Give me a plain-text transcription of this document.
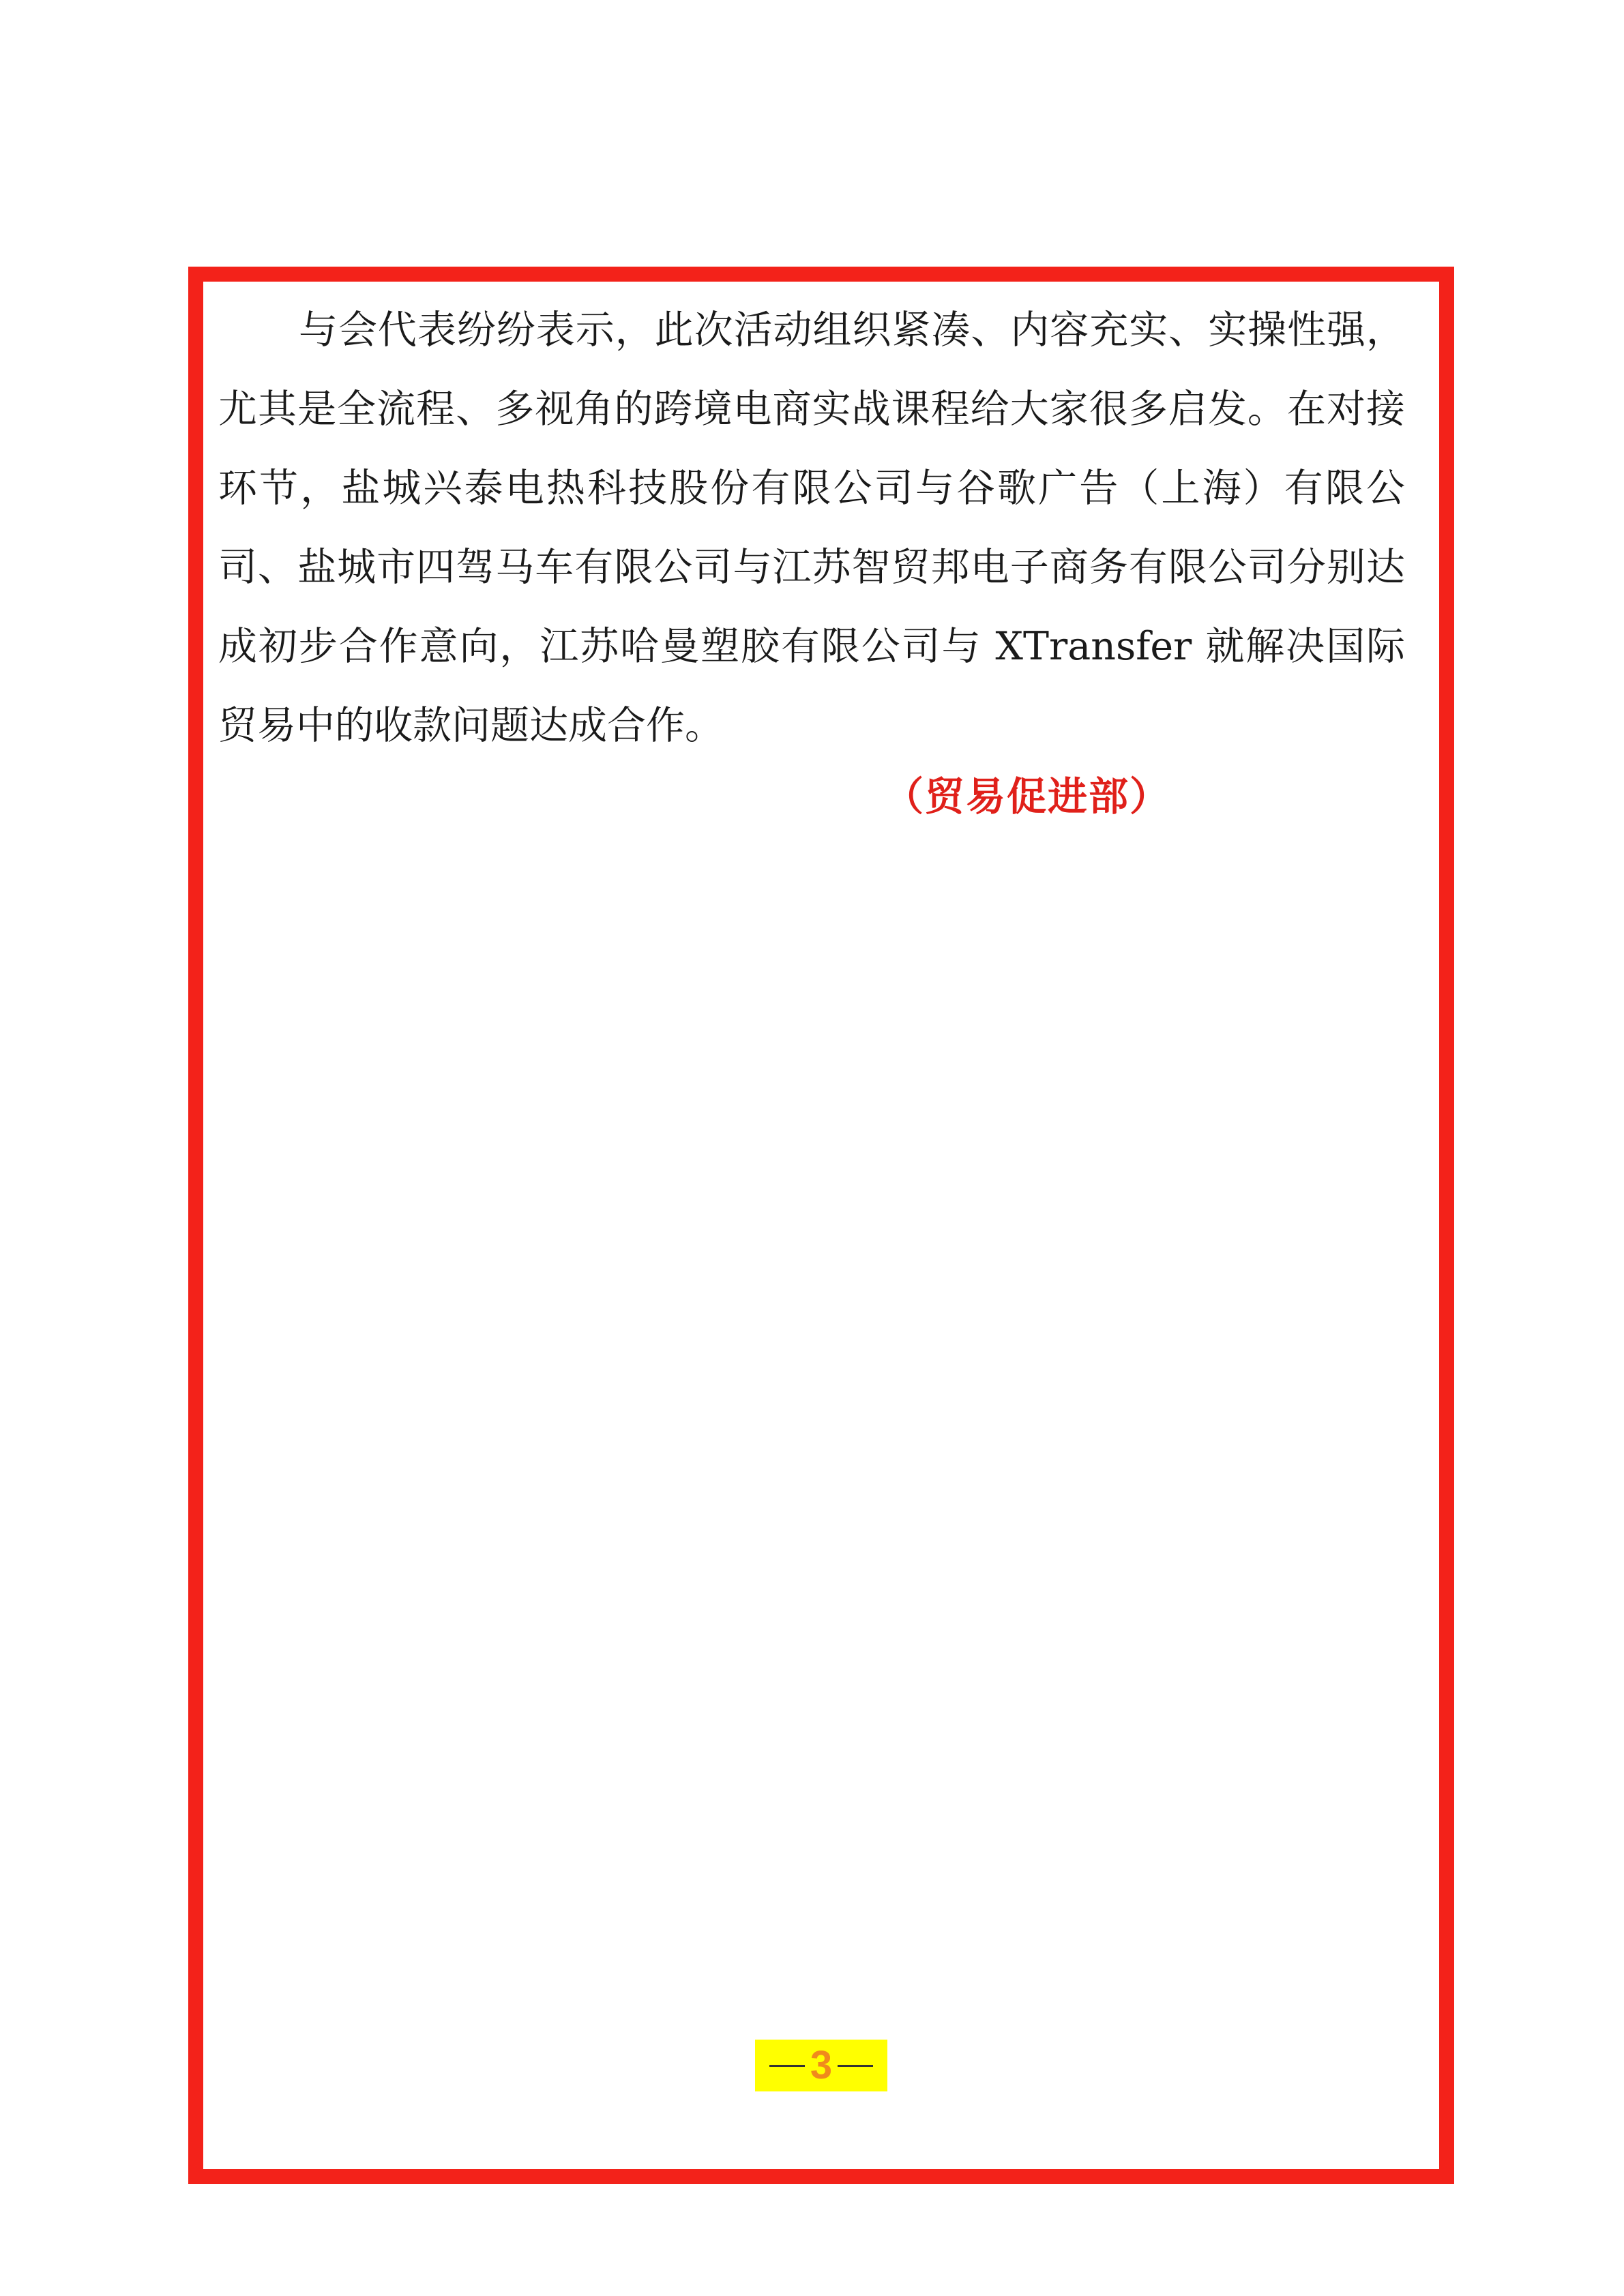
与会代表纷纷表示，此次活动组织紧凑、内容充实、实操性强，尤其是全流程、多视角的跨境电商实战课程给大家很多启发。在对接环节，盐城兴泰电热科技股份有限公司与谷歌广告（上海）有限公司、盐城市四驾马车有限公司与江苏智贸邦电子商务有限公司分别达成初步合作意向，江苏哈曼塑胶有限公司与 XTransfer 就解决国际贸易中的收款问题达成合作。

（贸易促进部）

3
